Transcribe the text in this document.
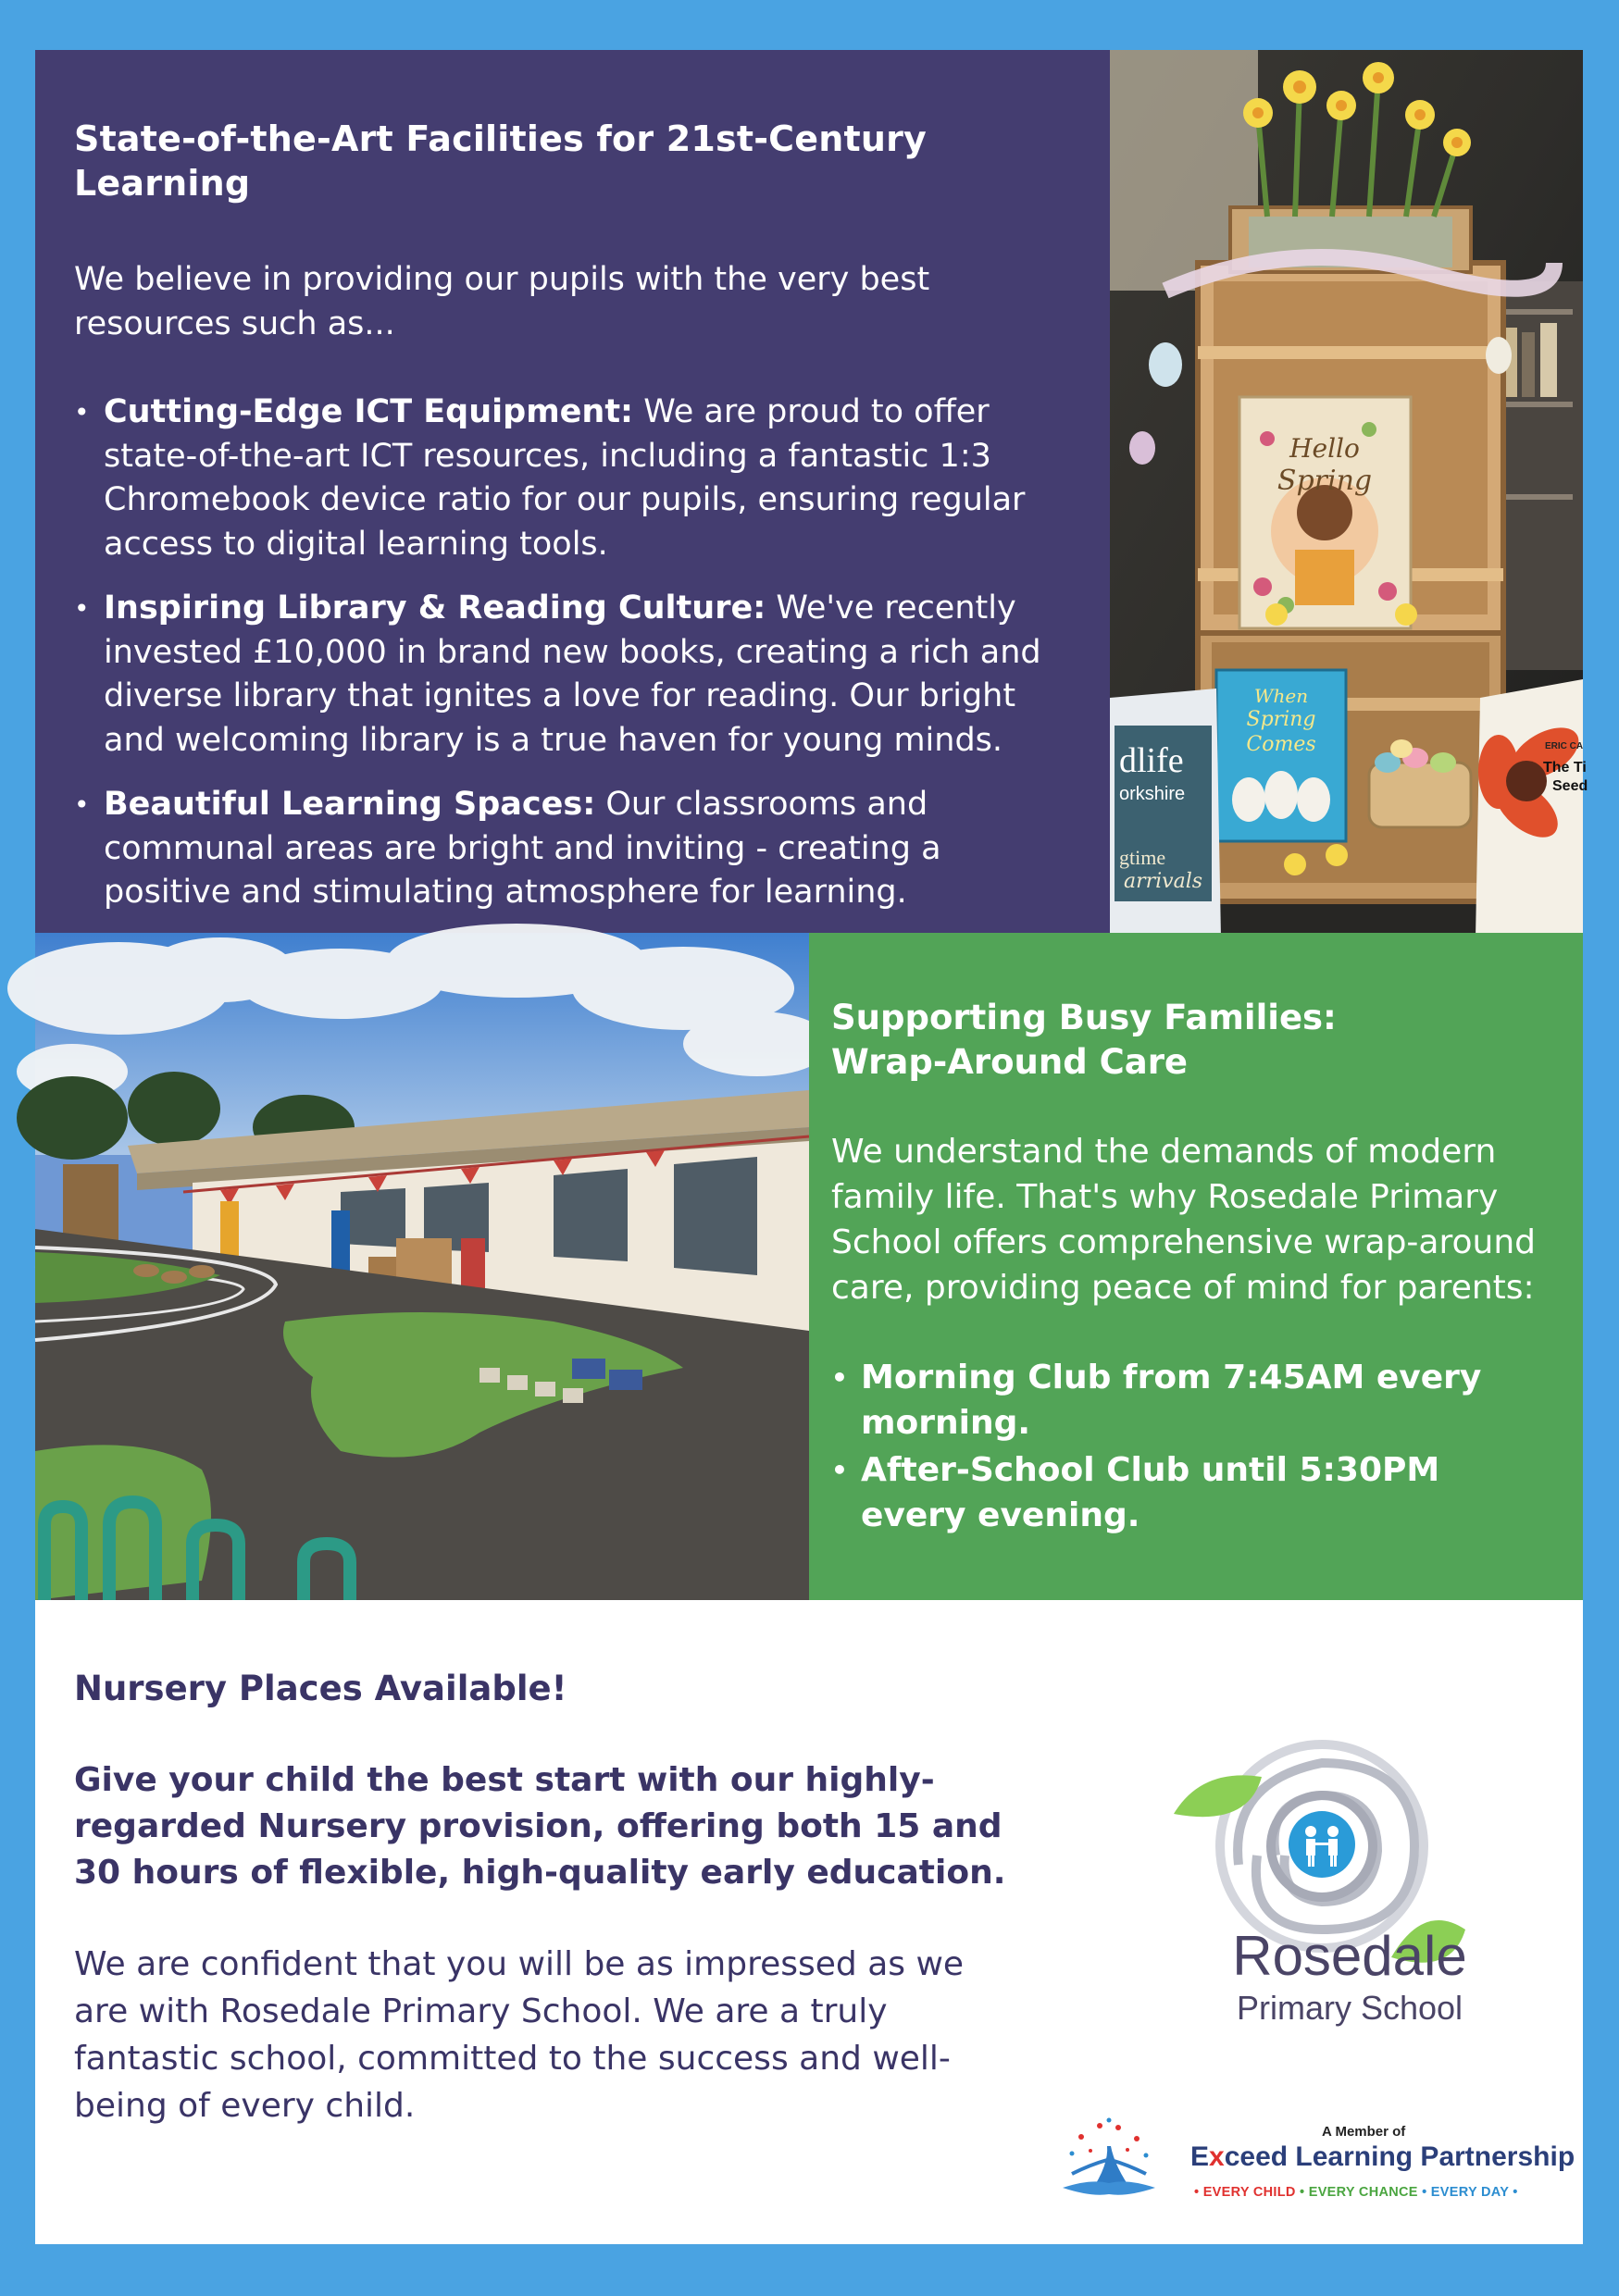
State-of-the-Art Facilities for 21st-Century Learning

We believe in providing our pupils with the very best resources such as...

• Cutting-Edge ICT Equipment: We are proud to offer state-of-the-art ICT resources, including a fantastic 1:3 Chromebook device ratio for our pupils, ensuring regular access to digital learning tools.
• Inspiring Library & Reading Culture: We've recently invested £10,000 in brand new books, creating a rich and diverse library that ignites a love for reading. Our bright and welcoming library is a true haven for young minds.
• Beautiful Learning Spaces: Our classrooms and communal areas are bright and inviting - creating a positive and stimulating atmosphere for learning.
Hello
Spring
When
Spring
Comes
dlife
orkshire
gtime
arrivals
ERIC CA
The Ti
Seed
Supporting Busy Families:
Wrap-Around Care

We understand the demands of modern family life. That's why Rosedale Primary School offers comprehensive wrap-around care, providing peace of mind for parents:

• Morning Club from 7:45AM every morning.
• After-School Club until 5:30PM every evening.
Nursery Places Available!

Give your child the best start with our highly-regarded Nursery provision, offering both 15 and 30 hours of flexible, high-quality early education.

We are confident that you will be as impressed as we are with Rosedale Primary School. We are a truly fantastic school, committed to the success and well-being of every child.

Rosedale
Primary School
A Member of
Exceed Learning Partnership
• EVERY CHILD • EVERY CHANCE • EVERY DAY •
